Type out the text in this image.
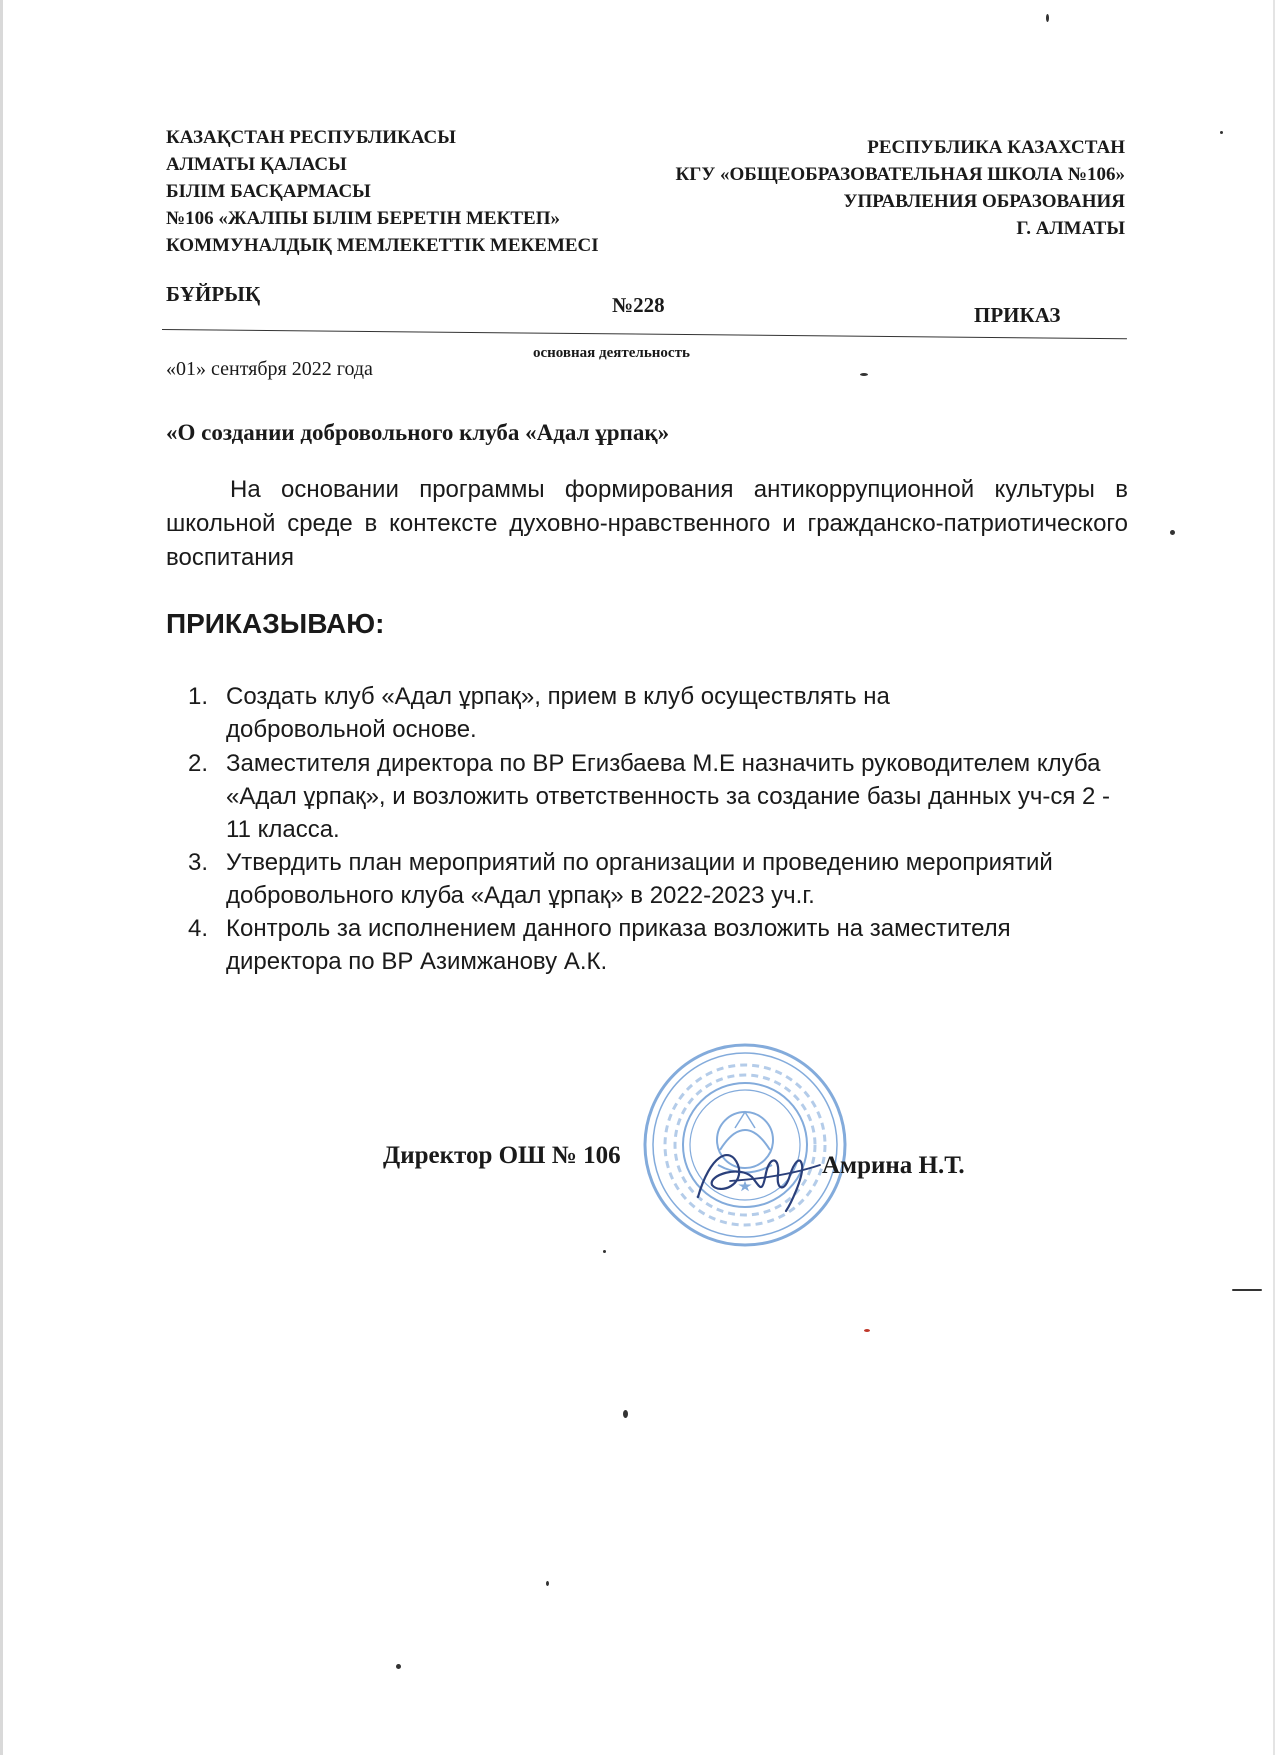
КАЗАҚСТАН РЕСПУБЛИКАСЫ
АЛМАТЫ ҚАЛАСЫ
БІЛІМ БАСҚАРМАСЫ
№106 «ЖАЛПЫ БІЛІМ БЕРЕТІН МЕКТЕП»
КОММУНАЛДЫҚ МЕМЛЕКЕТТІК МЕКЕМЕСІ
РЕСПУБЛИКА КАЗАХСТАН
КГУ «ОБЩЕОБРАЗОВАТЕЛЬНАЯ ШКОЛА №106»
УПРАВЛЕНИЯ ОБРАЗОВАНИЯ
Г. АЛМАТЫ
БҰЙРЫҚ	№228	ПРИКАЗ
основная деятельность
«01» сентября 2022 года
«О создании добровольного клуба «Адал ұрпақ»
На основании программы формирования антикоррупционной культуры в школьной среде в контексте духовно-нравственного и гражданско-патриотического воспитания
ПРИКАЗЫВАЮ:
1. Создать клуб «Адал ұрпақ», прием в клуб осуществлять на добровольной основе.
2. Заместителя директора по ВР Егизбаева М.Е назначить руководителем клуба «Адал ұрпақ», и возложить ответственность за создание базы данных уч-ся 2 - 11 класса.
3. Утвердить план мероприятий по организации и проведению мероприятий добровольного клуба «Адал ұрпақ» в 2022-2023 уч.г.
4. Контроль за исполнением данного приказа возложить на заместителя директора по ВР Азимжанову А.К.
Директор ОШ № 106	Амрина Н.Т.
